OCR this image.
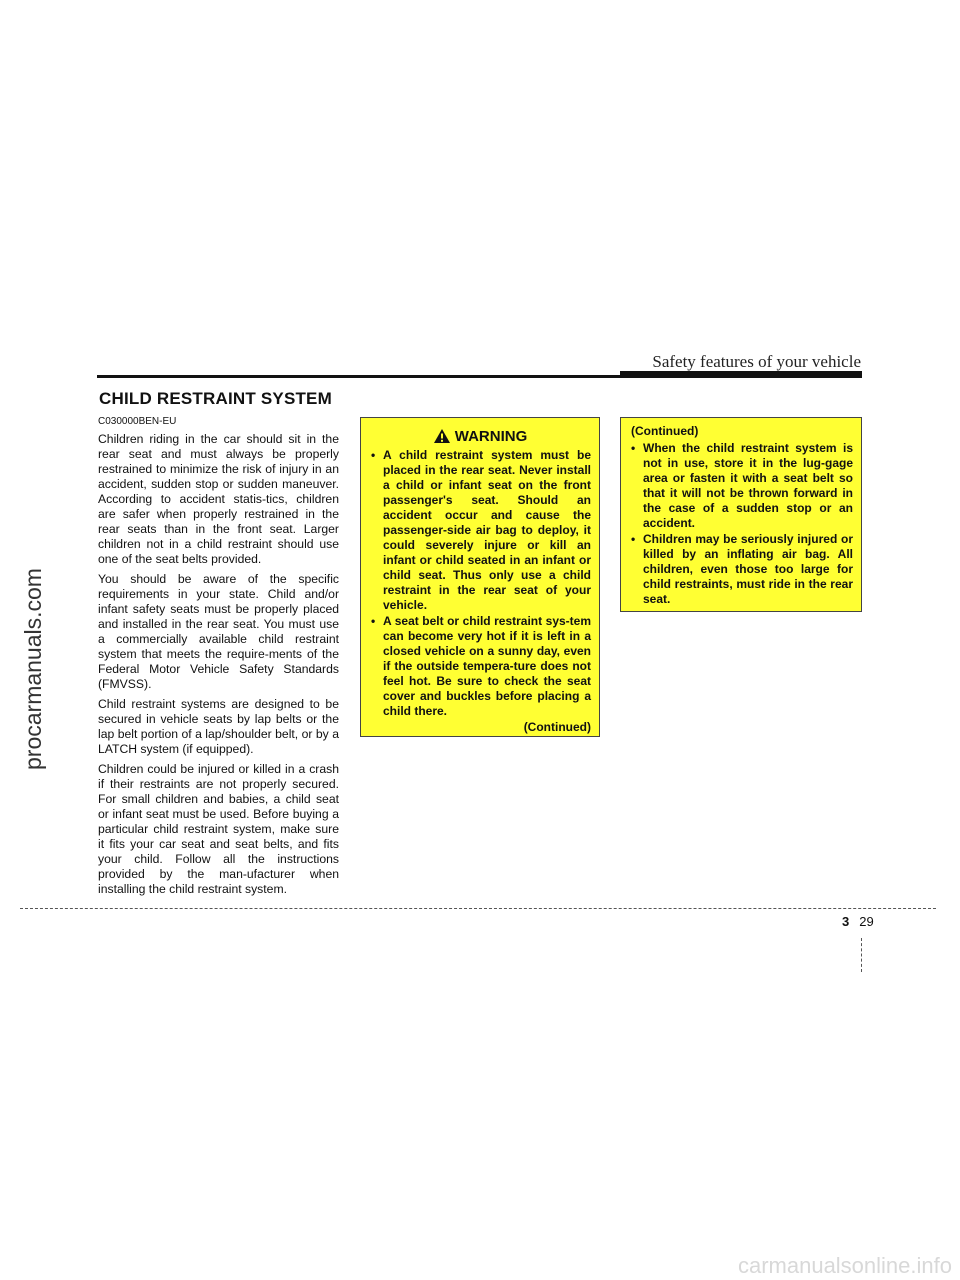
Safety features of your vehicle
CHILD RESTRAINT SYSTEM
C030000BEN-EU

Children riding in the car should sit in the rear seat and must always be properly restrained to minimize the risk of injury in an accident, sudden stop or sudden maneuver. According to accident statis-tics, children are safer when properly restrained in the rear seats than in the front seat. Larger children not in a child restraint should use one of the seat belts provided.

You should be aware of the specific requirements in your state. Child and/or infant safety seats must be properly placed and installed in the rear seat. You must use a commercially available child restraint system that meets the require-ments of the Federal Motor Vehicle Safety Standards (FMVSS).

Child restraint systems are designed to be secured in vehicle seats by lap belts or the lap belt portion of a lap/shoulder belt, or by a LATCH system (if equipped).

Children could be injured or killed in a crash if their restraints are not properly secured. For small children and babies, a child seat or infant seat must be used. Before buying a particular child restraint system, make sure it fits your car seat and seat belts, and fits your child. Follow all the instructions provided by the man-ufacturer when installing the child restraint system.

WARNING
• A child restraint system must be placed in the rear seat. Never install a child or infant seat on the front passenger's seat. Should an accident occur and cause the passenger-side air bag to deploy, it could severely injure or kill an infant or child seated in an infant or child seat. Thus only use a child restraint in the rear seat of your vehicle.
• A seat belt or child restraint sys-tem can become very hot if it is left in a closed vehicle on a sunny day, even if the outside tempera-ture does not feel hot. Be sure to check the seat cover and buckles before placing a child there.
(Continued)
(Continued)
• When the child restraint system is not in use, store it in the lug-gage area or fasten it with a seat belt so that it will not be thrown forward in the case of a sudden stop or an accident.
• Children may be seriously injured or killed by an inflating air bag. All children, even those too large for child restraints, must ride in the rear seat.
3 29
procarmanuals.com
carmanualsonline.info
